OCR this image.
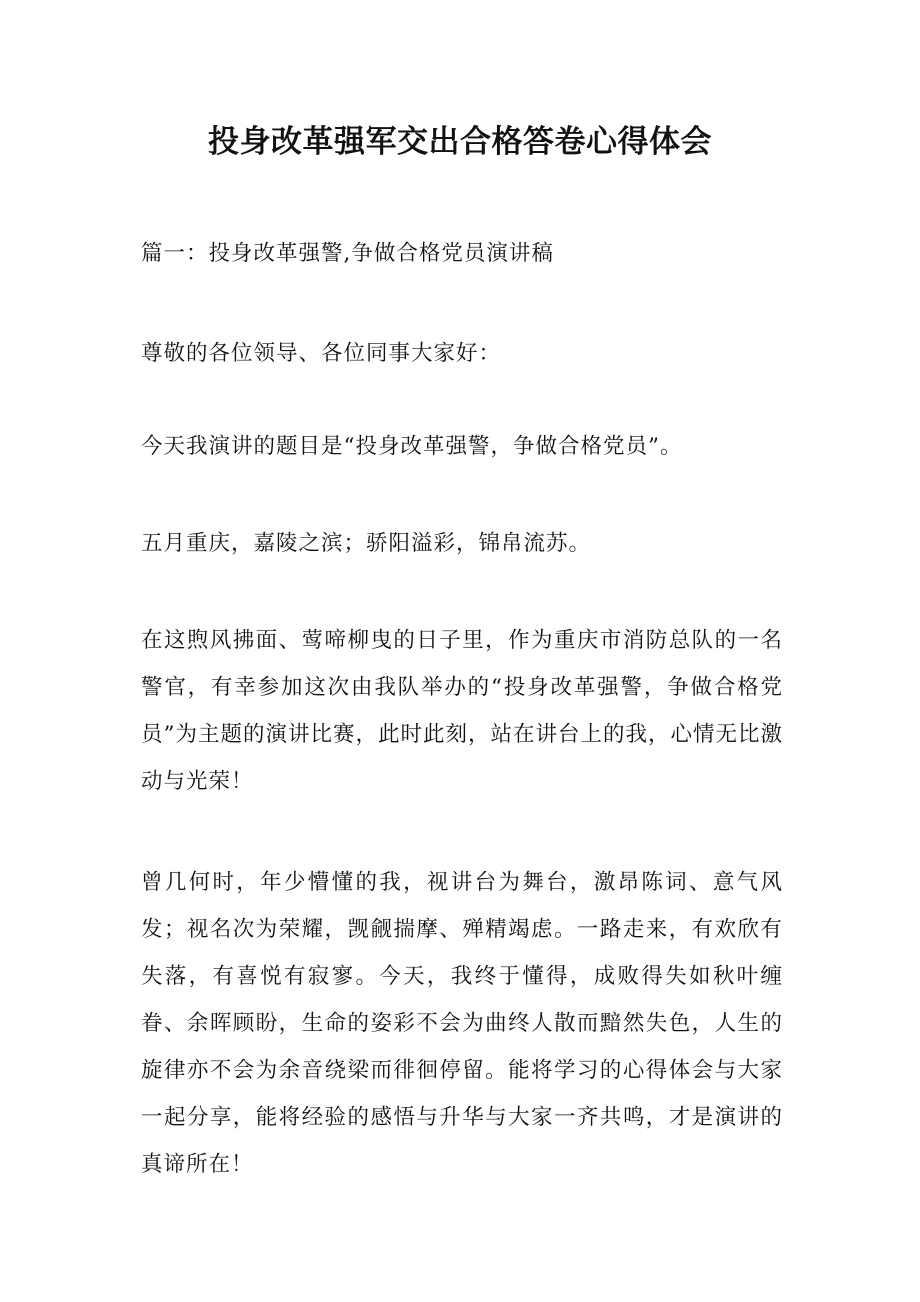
投身改革强军交出合格答卷心得体会

篇一：投身改革强警,争做合格党员演讲稿

尊敬的各位领导、各位同事大家好：

今天我演讲的题目是“投身改革强警，争做合格党员”。

五月重庆，嘉陵之滨；骄阳溢彩，锦帛流苏。

在这煦风拂面、莺啼柳曳的日子里，作为重庆市消防总队的一名警官，有幸参加这次由我队举办的“投身改革强警，争做合格党员”为主题的演讲比赛，此时此刻，站在讲台上的我，心情无比激动与光荣！

曾几何时，年少懵懂的我，视讲台为舞台，激昂陈词、意气风发；视名次为荣耀，觊觎揣摩、殚精竭虑。一路走来，有欢欣有失落，有喜悦有寂寥。今天，我终于懂得，成败得失如秋叶缠眷、余晖顾盼，生命的姿彩不会为曲终人散而黯然失色，人生的旋律亦不会为余音绕梁而徘徊停留。能将学习的心得体会与大家一起分享，能将经验的感悟与升华与大家一齐共鸣，才是演讲的真谛所在！
